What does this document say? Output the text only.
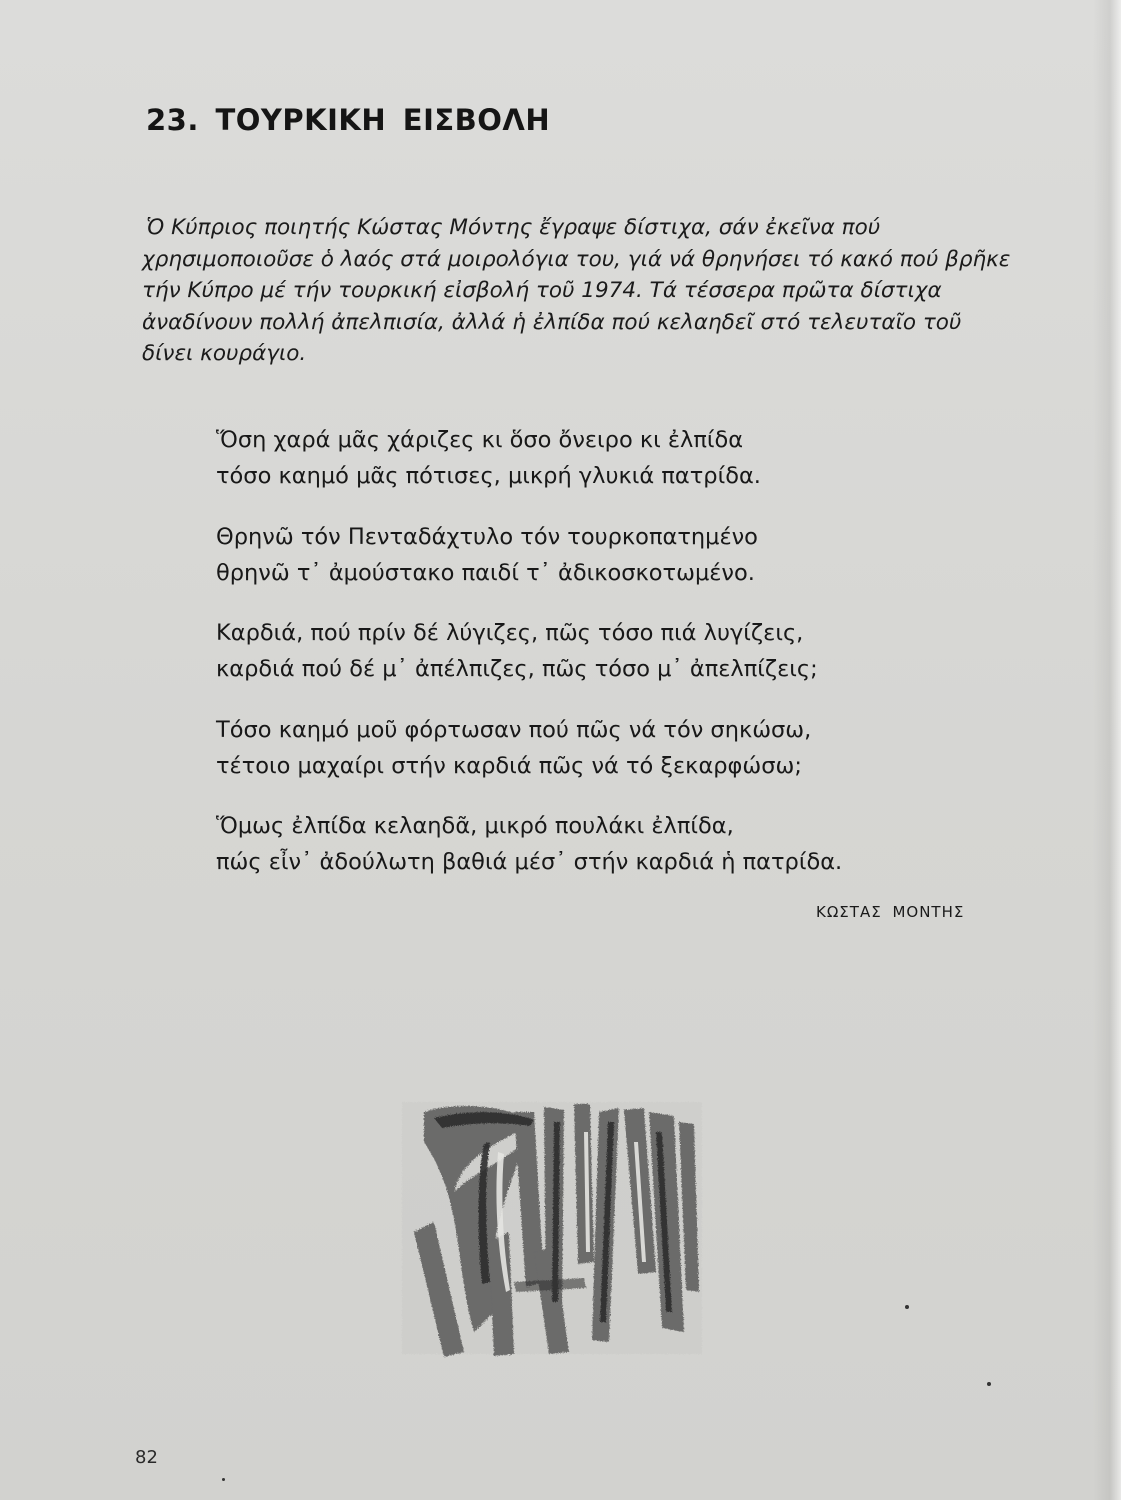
23. ΤΟΥΡΚΙΚΗ ΕΙΣΒΟΛΗ

Ὁ Κύπριος ποιητής Κώστας Μόντης ἔγραψε δίστιχα, σάν ἐκεῖνα πού χρησιμοποιοῦσε ὁ λαός στά μοιρολόγια του, γιά νά θρηνήσει τό κακό πού βρῆκε τήν Κύπρο μέ τήν τουρκική εἰσβολή τοῦ 1974. Τά τέσσερα πρῶτα δίστιχα ἀναδίνουν πολλή ἀπελπισία, ἀλλά ἡ ἐλπίδα πού κελαηδεῖ στό τελευταῖο τοῦ δίνει κουράγιο.

Ὅση χαρά μᾶς χάριζες κι ὅσο ὄνειρο κι ἐλπίδα
τόσο καημό μᾶς πότισες, μικρή γλυκιά πατρίδα.
Θρηνῶ τόν Πενταδάχτυλο τόν τουρκοπατημένο
θρηνῶ τ᾽ ἀμούστακο παιδί τ᾽ ἀδικοσκοτωμένο.
Καρδιά, πού πρίν δέ λύγιζες, πῶς τόσο πιά λυγίζεις,
καρδιά πού δέ μ᾽ ἀπέλπιζες, πῶς τόσο μ᾽ ἀπελπίζεις;
Τόσο καημό μοῦ φόρτωσαν πού πῶς νά τόν σηκώσω,
τέτοιο μαχαίρι στήν καρδιά πῶς νά τό ξεκαρφώσω;
Ὅμως ἐλπίδα κελαηδᾶ, μικρό πουλάκι ἐλπίδα,
πώς εἶν᾽ ἀδούλωτη βαθιά μέσ᾽ στήν καρδιά ἡ πατρίδα.
ΚΩΣΤΑΣ ΜΟΝΤΗΣ
82
